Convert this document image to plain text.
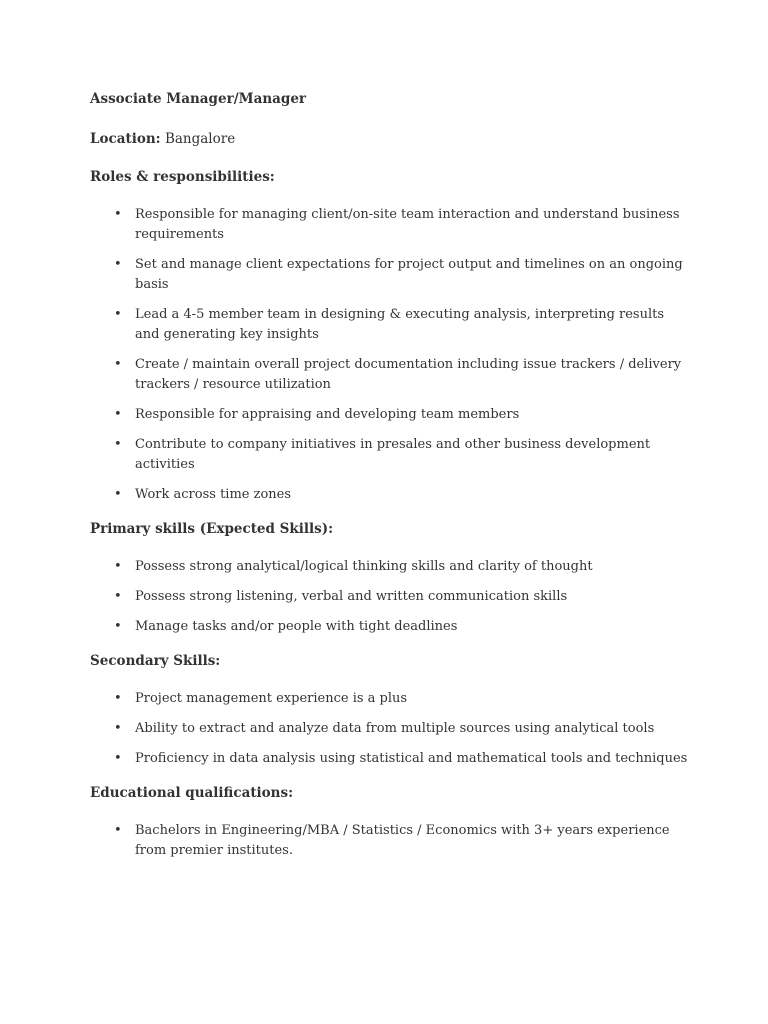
Associate Manager/Manager
Location: Bangalore
Roles & responsibilities:
• Responsible for managing client/on-site team interaction and understand business requirements
• Set and manage client expectations for project output and timelines on an ongoing basis
• Lead a 4-5 member team in designing & executing analysis, interpreting results and generating key insights
• Create / maintain overall project documentation including issue trackers / delivery trackers / resource utilization
• Responsible for appraising and developing team members
• Contribute to company initiatives in presales and other business development activities
• Work across time zones
Primary skills (Expected Skills):
• Possess strong analytical/logical thinking skills and clarity of thought
• Possess strong listening, verbal and written communication skills
• Manage tasks and/or people with tight deadlines
Secondary Skills:
• Project management experience is a plus
• Ability to extract and analyze data from multiple sources using analytical tools
• Proficiency in data analysis using statistical and mathematical tools and techniques
Educational qualifications:
• Bachelors in Engineering/MBA / Statistics / Economics with 3+ years experience from premier institutes.
